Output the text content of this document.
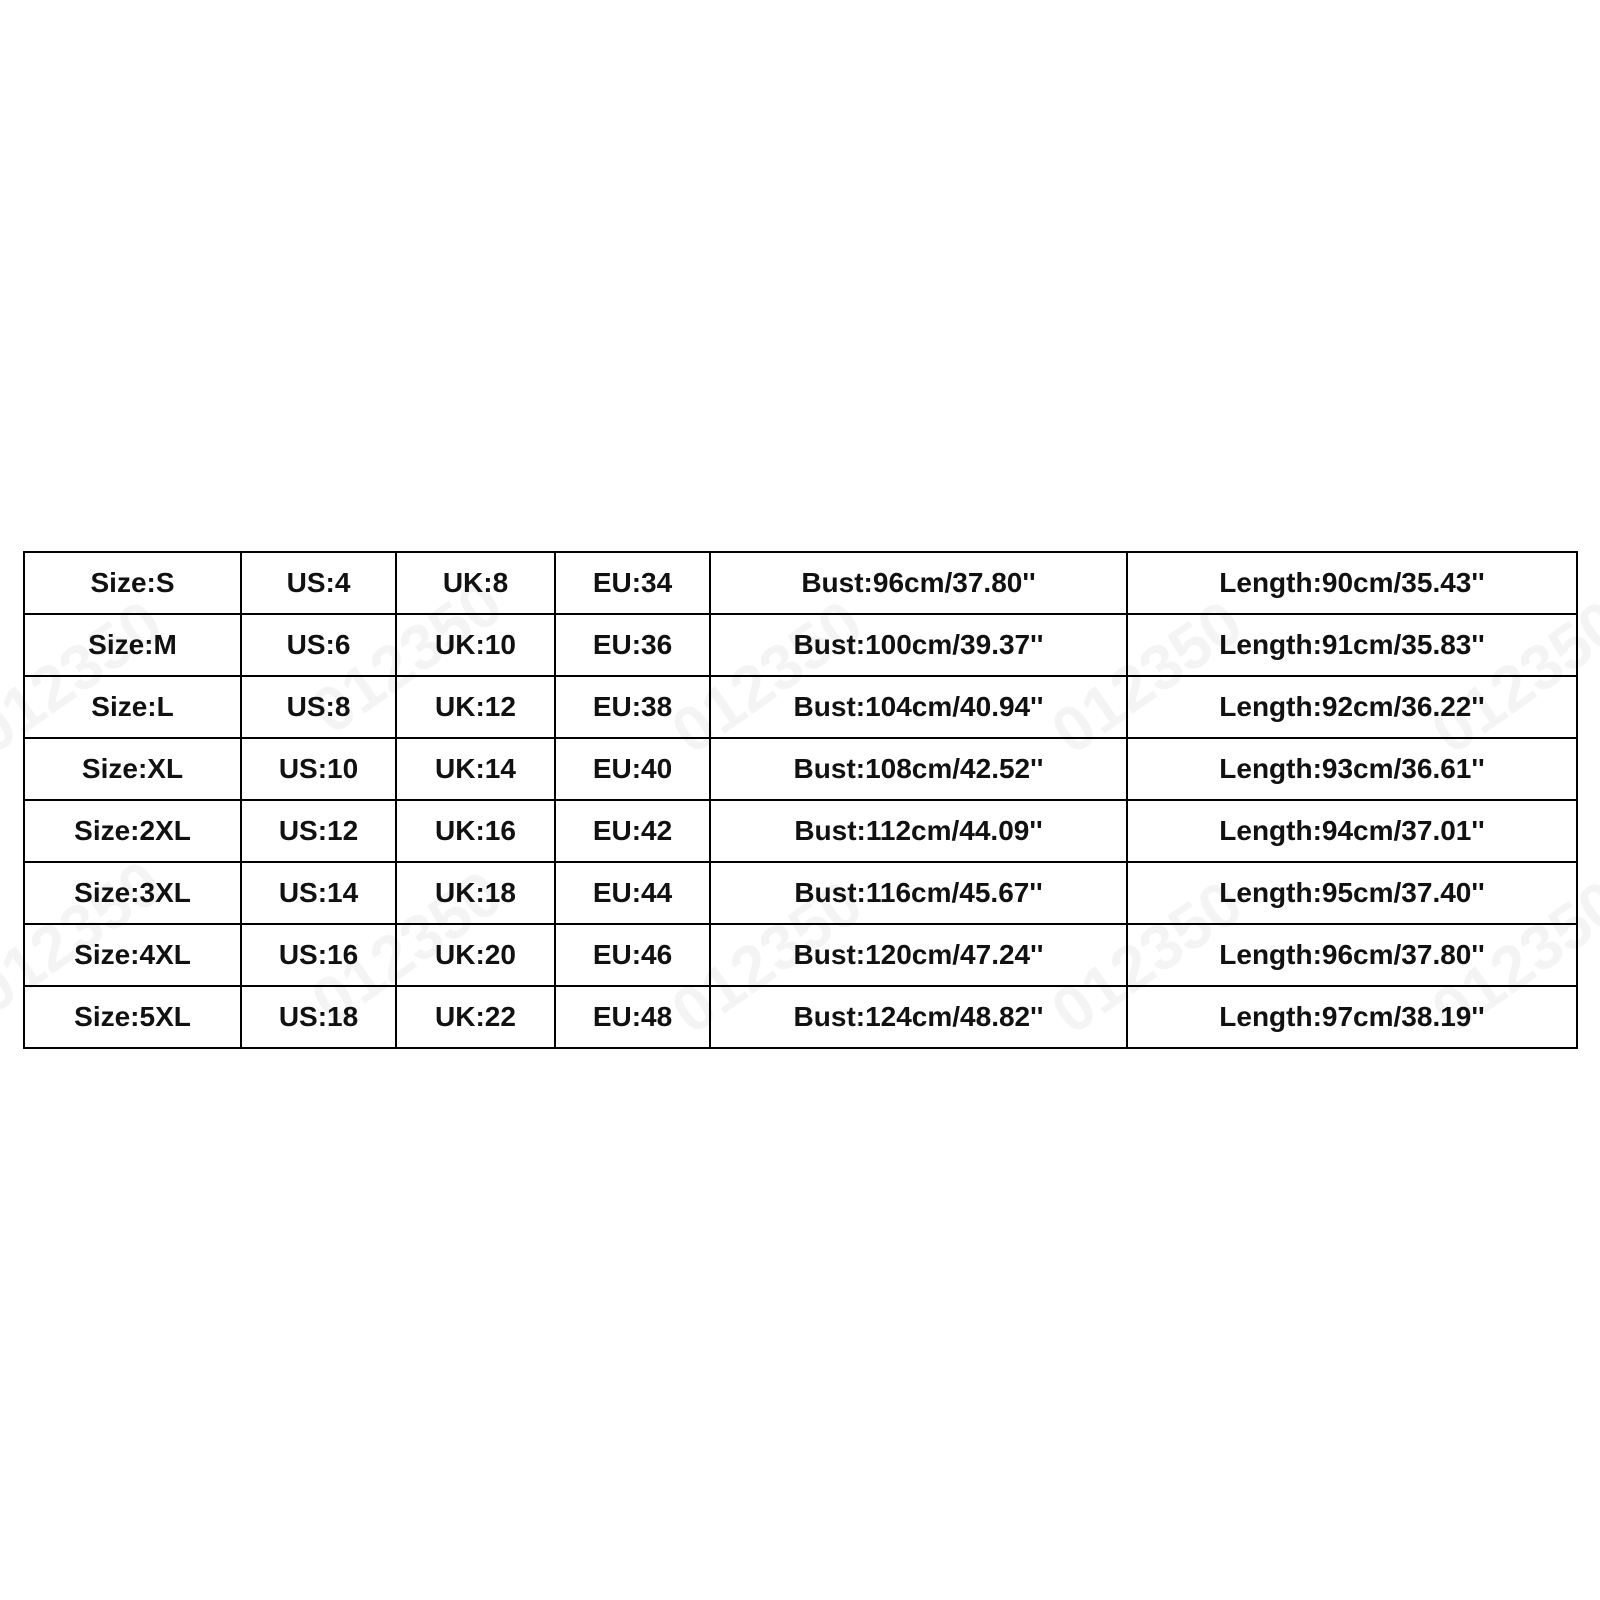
Size:S	US:4	UK:8	EU:34	Bust:96cm/37.80''	Length:90cm/35.43''
Size:M	US:6	UK:10	EU:36	Bust:100cm/39.37''	Length:91cm/35.83''
Size:L	US:8	UK:12	EU:38	Bust:104cm/40.94''	Length:92cm/36.22''
Size:XL	US:10	UK:14	EU:40	Bust:108cm/42.52''	Length:93cm/36.61''
Size:2XL	US:12	UK:16	EU:42	Bust:112cm/44.09''	Length:94cm/37.01''
Size:3XL	US:14	UK:18	EU:44	Bust:116cm/45.67''	Length:95cm/37.40''
Size:4XL	US:16	UK:20	EU:46	Bust:120cm/47.24''	Length:96cm/37.80''
Size:5XL	US:18	UK:22	EU:48	Bust:124cm/48.82''	Length:97cm/38.19''
